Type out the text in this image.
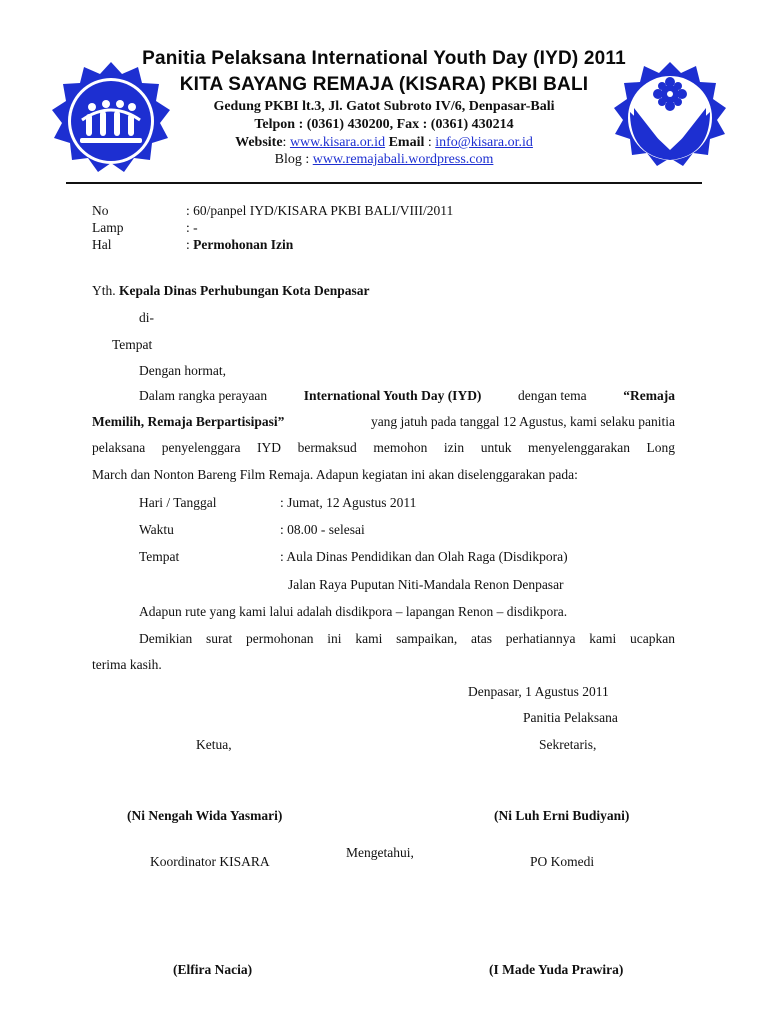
Panitia Pelaksana International Youth Day (IYD) 2011
KITA SAYANG REMAJA (KISARA) PKBI BALI
Gedung PKBI lt.3, Jl. Gatot Subroto IV/6, Denpasar-Bali
Telpon : (0361) 430200, Fax : (0361) 430214
Website: www.kisara.or.id Email : info@kisara.or.id
Blog : www.remajabali.wordpress.com
No	: 60/panpel IYD/KISARA PKBI BALI/VIII/2011
Lamp	: -
Hal	: Permohonan Izin
Yth. Kepala Dinas Perhubungan Kota Denpasar
di-
Tempat
Dengan hormat,
Dalam rangka perayaan	International Youth Day (IYD)	dengan tema	“Remaja
Memilih, Remaja Berpartisipasi”	yang jatuh pada tanggal 12 Agustus, kami selaku panitia
pelaksana penyelenggara IYD bermaksud memohon izin untuk menyelenggarakan Long
March dan Nonton Bareng Film Remaja. Adapun kegiatan ini akan diselenggarakan pada:
Hari / Tanggal	: Jumat, 12 Agustus 2011
Waktu	: 08.00 - selesai
Tempat	: Aula Dinas Pendidikan dan Olah Raga (Disdikpora)
Jalan Raya Puputan Niti-Mandala Renon Denpasar
Adapun rute yang kami lalui adalah disdikpora – lapangan Renon – disdikpora.
Demikian surat permohonan ini kami sampaikan, atas perhatiannya kami ucapkan
terima kasih.
Denpasar, 1 Agustus 2011
Panitia Pelaksana
Ketua,	Sekretaris,
(Ni Nengah Wida Yasmari)	(Ni Luh Erni Budiyani)
Mengetahui,
Koordinator KISARA	PO Komedi
(Elfira Nacia)	(I Made Yuda Prawira)
